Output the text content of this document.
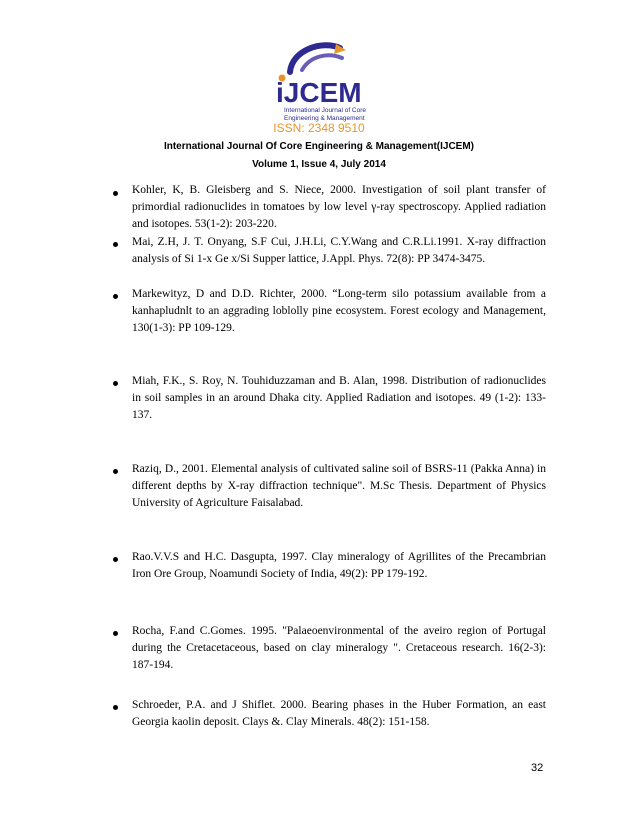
iJCEM
International Journal of Core
Engineering & Management
ISSN: 2348 9510
International Journal Of Core Engineering & Management(IJCEM)
Volume 1, Issue 4, July 2014
Kohler, K, B. Gleisberg and S. Niece, 2000. Investigation of soil plant transfer of primordial radionuclides in tomatoes by low level γ-ray spectroscopy. Applied radiation and isotopes. 53(1-2): 203-220.
Mai, Z.H, J. T. Onyang, S.F Cui, J.H.Li, C.Y.Wang and C.R.Li.1991. X-ray diffraction analysis of Si 1-x Ge x/Si Supper lattice, J.Appl. Phys. 72(8): PP 3474-3475.
Markewityz, D and D.D. Richter, 2000. “Long-term silo potassium available from a kanhapludnlt to an aggrading loblolly pine ecosystem. Forest ecology and Management, 130(1-3): PP 109-129.
Miah, F.K., S. Roy, N. Touhiduzzaman and B. Alan, 1998. Distribution of radionuclides in soil samples in an around Dhaka city. Applied Radiation and isotopes. 49 (1-2): 133-137.
Raziq, D., 2001. Elemental analysis of cultivated saline soil of BSRS-11 (Pakka Anna) in different depths by X-ray diffraction technique". M.Sc Thesis. Department of Physics University of Agriculture Faisalabad.
Rao.V.V.S and H.C. Dasgupta, 1997. Clay mineralogy of Agrillites of the Precambrian Iron Ore Group, Noamundi Society of India, 49(2): PP 179-192.
Rocha, F.and C.Gomes. 1995. "Palaeoenvironmental of the aveiro region of Portugal during the Cretacetaceous, based on clay mineralogy ". Cretaceous research. 16(2-3): 187-194.
Schroeder, P.A. and J Shiflet. 2000. Bearing phases in the Huber Formation, an east Georgia kaolin deposit. Clays &. Clay Minerals. 48(2): 151-158.
32
